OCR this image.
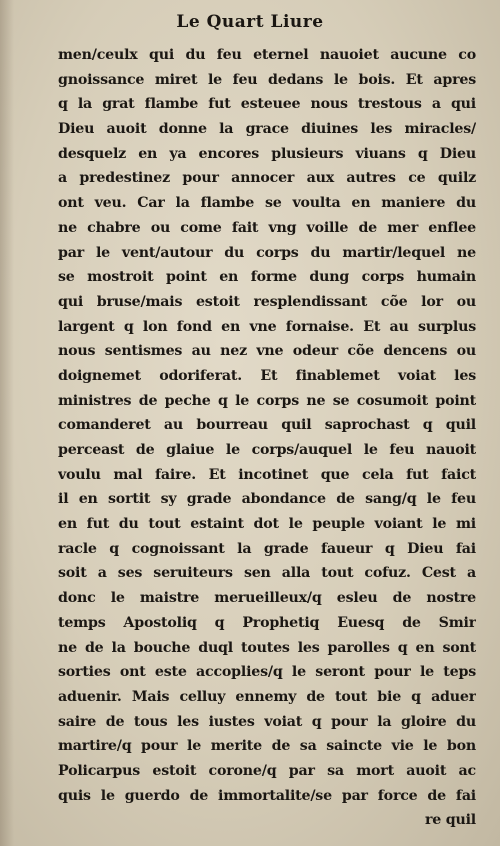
Le Quart Liure
men/ceulx qui du feu eternel nauoiet aucune co
gnoissance miret le feu dedans le bois. Et apres
q la grat flambe fut esteuee nous trestous a qui
Dieu auoit donne la grace diuines les miracles/
desquelz en ya encores plusieurs viuans q Dieu
a predestinez pour annocer aux autres ce quilz
ont veu. Car la flambe se voulta en maniere du
ne chabre ou come fait vng voille de mer enflee
par le vent/autour du corps du martir/lequel ne
se mostroit point en forme dung corps humain
qui bruse/mais estoit resplendissant cõe lor ou
largent q lon fond en vne fornaise. Et au surplus
nous sentismes au nez vne odeur cõe dencens ou
doignemet odoriferat. Et finablemet voiat les
ministres de peche q le corps ne se cosumoit point
comanderet au bourreau quil saprochast q quil
perceast de glaiue le corps/auquel le feu nauoit
voulu mal faire. Et incotinet que cela fut faict
il en sortit sy grade abondance de sang/q le feu
en fut du tout estaint dot le peuple voiant le mi
racle q cognoissant la grade faueur q Dieu fai
soit a ses seruiteurs sen alla tout cofuz. Cest a
donc le maistre merueilleux/q esleu de nostre
temps Apostoliq q Prophetiq Euesq de Smir
ne de la bouche duql toutes les parolles q en sont
sorties ont este accoplies/q le seront pour le teps
aduenir. Mais celluy ennemy de tout bie q aduer
saire de tous les iustes voiat q pour la gloire du
martire/q pour le merite de sa saincte vie le bon
Policarpus estoit corone/q par sa mort auoit ac
quis le guerdo de immortalite/se par force de fai
re quil
